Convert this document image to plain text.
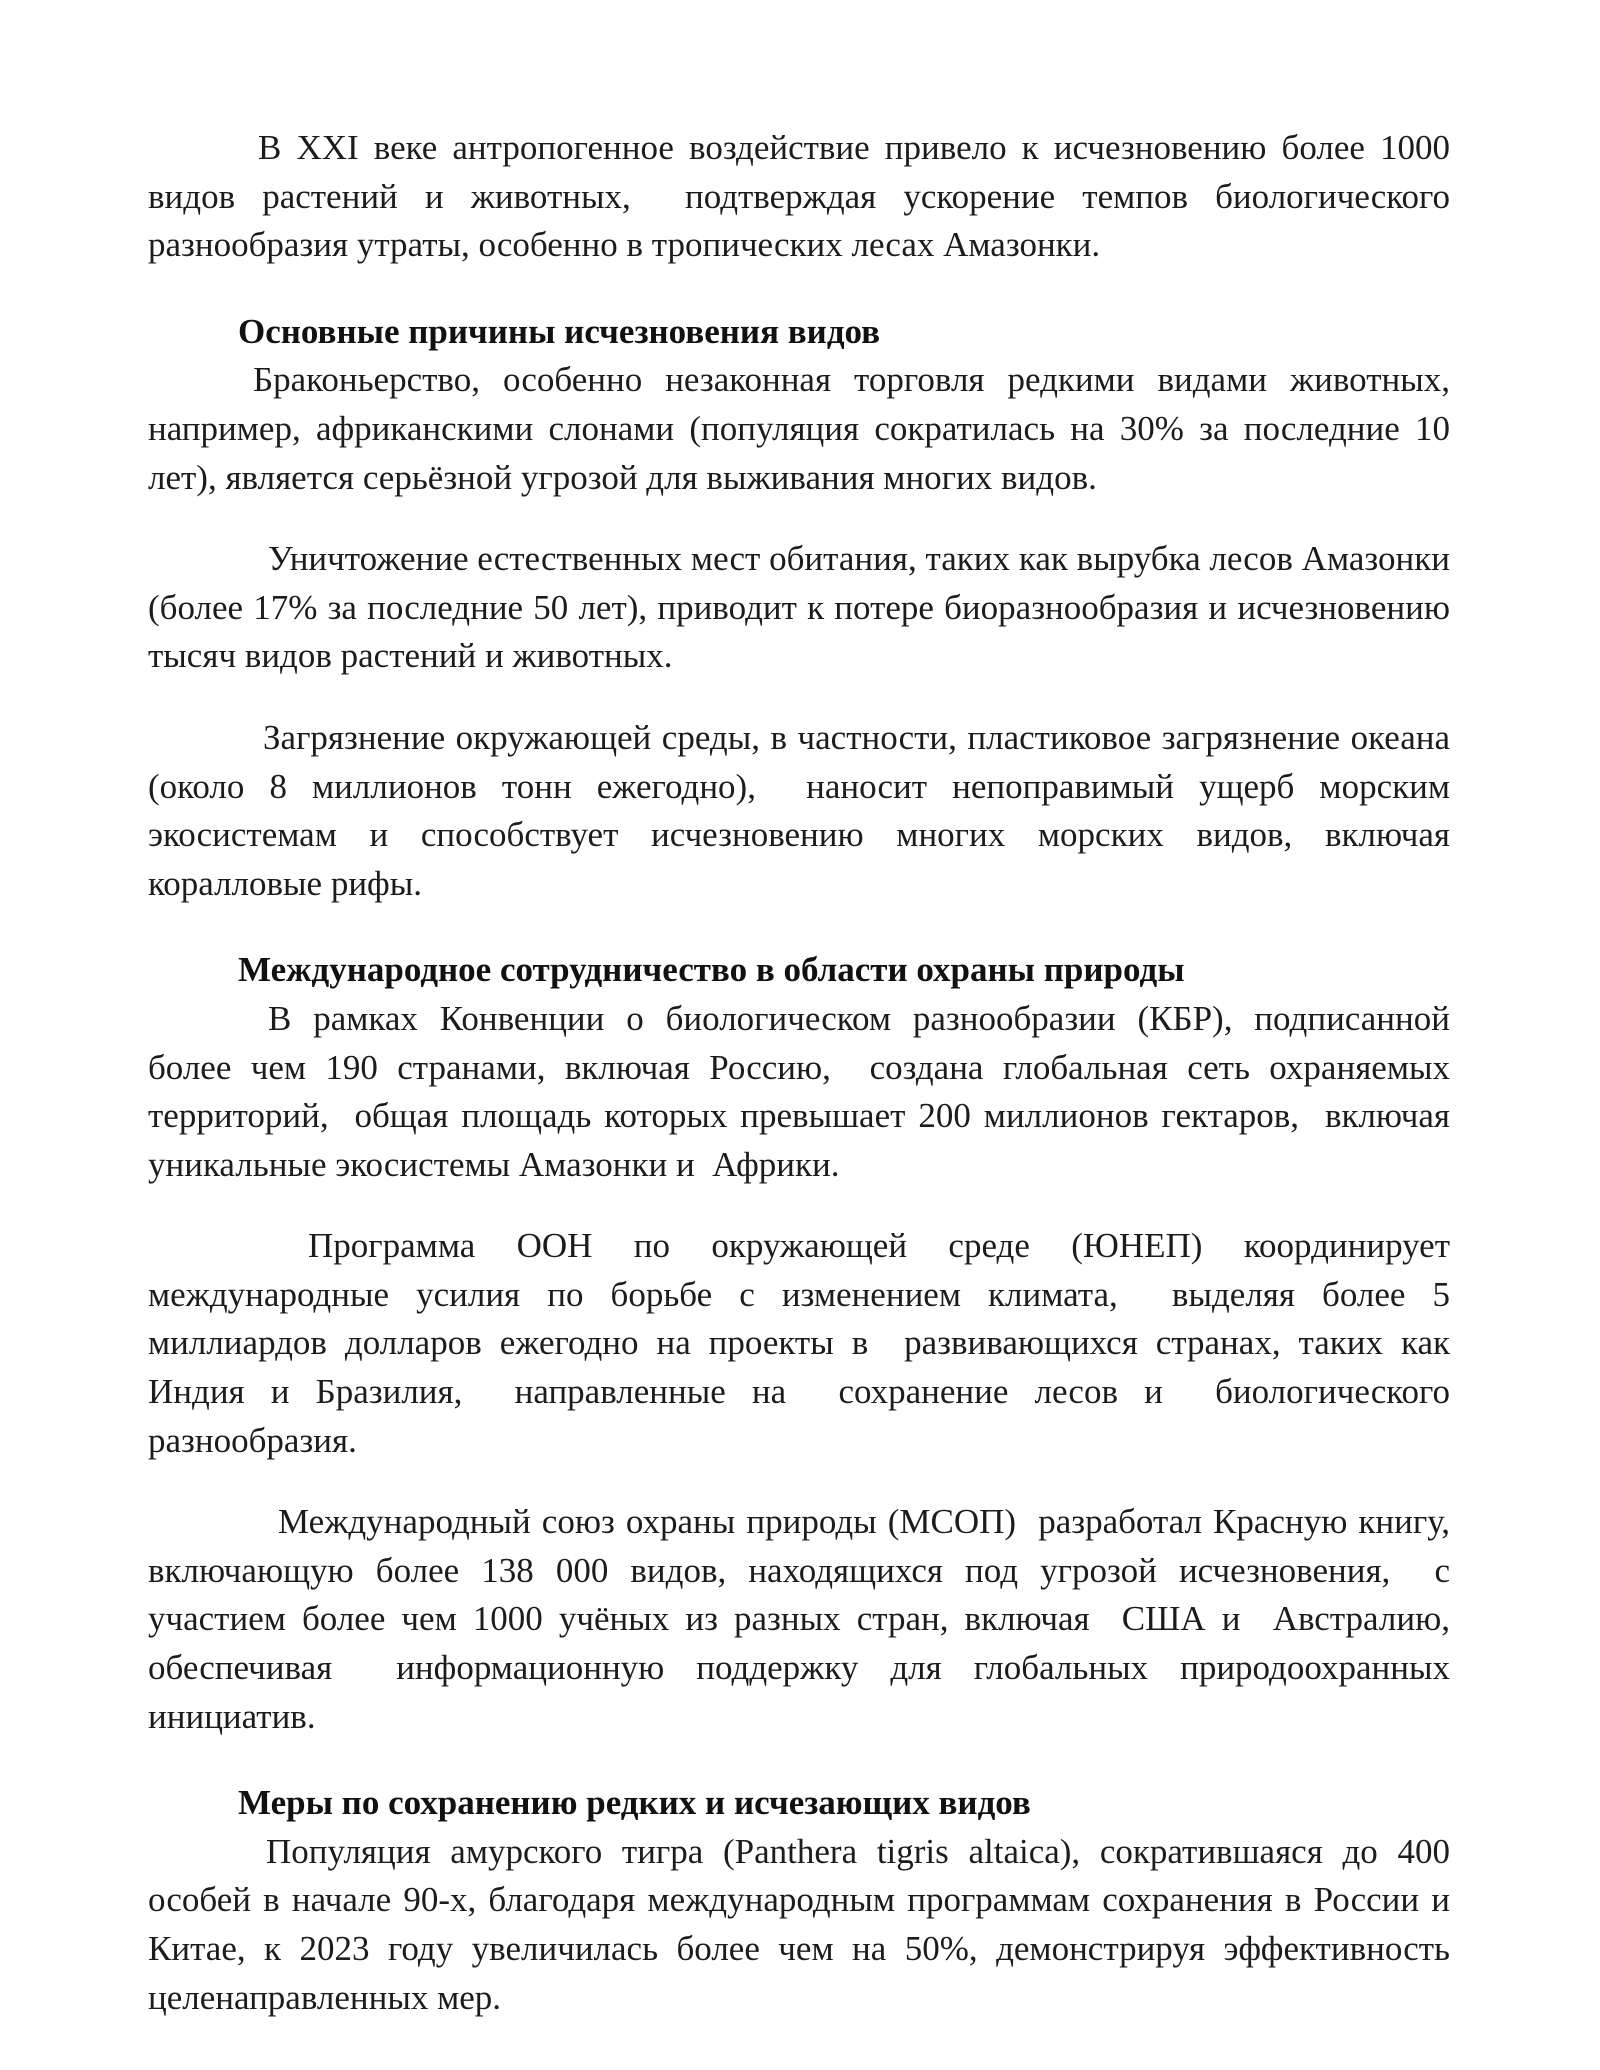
В XXI веке антропогенное воздействие привело к исчезновению более 1000 видов растений и животных,  подтверждая ускорение темпов биологического разнообразия утраты, особенно в тропических лесах Амазонки.

Основные причины исчезновения видов

Браконьерство, особенно незаконная торговля редкими видами животных, например, африканскими слонами (популяция сократилась на 30% за последние 10 лет), является серьёзной угрозой для выживания многих видов.

Уничтожение естественных мест обитания, таких как вырубка лесов Амазонки (более 17% за последние 50 лет), приводит к потере биоразнообразия и исчезновению тысяч видов растений и животных.

Загрязнение окружающей среды, в частности, пластиковое загрязнение океана (около 8 миллионов тонн ежегодно),  наносит непоправимый ущерб морским экосистемам и способствует исчезновению многих морских видов, включая коралловые рифы.

Международное сотрудничество в области охраны природы

В рамках Конвенции о биологическом разнообразии (КБР), подписанной более чем 190 странами, включая Россию,  создана глобальная сеть охраняемых территорий,  общая площадь которых превышает 200 миллионов гектаров,  включая уникальные экосистемы Амазонки и  Африки.

Программа ООН по окружающей среде (ЮНЕП) координирует международные усилия по борьбе с изменением климата,  выделяя более 5 миллиардов долларов ежегодно на проекты в  развивающихся странах, таких как Индия и Бразилия,  направленные на  сохранение лесов и  биологического разнообразия.

Международный союз охраны природы (МСОП)  разработал Красную книгу,  включающую более 138 000 видов, находящихся под угрозой исчезновения,  с  участием более чем 1000 учёных из разных стран, включая  США и  Австралию, обеспечивая  информационную поддержку для глобальных природоохранных инициатив.

Меры по сохранению редких и исчезающих видов

Популяция амурского тигра (Panthera tigris altaica), сократившаяся до 400 особей в начале 90-х, благодаря международным программам сохранения в России и Китае, к 2023 году увеличилась более чем на 50%, демонстрируя эффективность  целенаправленных мер.
